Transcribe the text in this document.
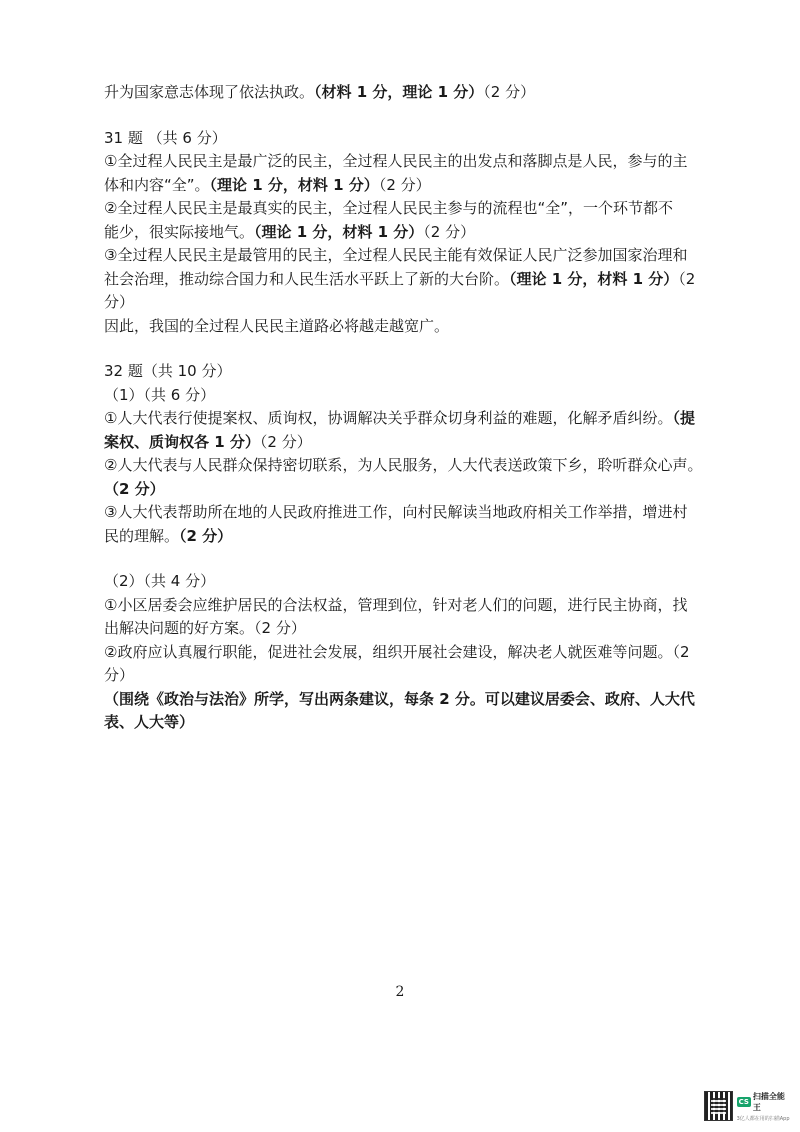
升为国家意志体现了依法执政。（材料 1 分，理论 1 分）（2 分）
31 题 （共 6 分）
①全过程人民民主是最广泛的民主，全过程人民民主的出发点和落脚点是人民，参与的主
体和内容“全”。（理论 1 分，材料 1 分）（2 分）
②全过程人民民主是最真实的民主，全过程人民民主参与的流程也“全”，一个环节都不
能少，很实际接地气。（理论 1 分，材料 1 分）（2 分）
③全过程人民民主是最管用的民主，全过程人民民主能有效保证人民广泛参加国家治理和
社会治理，推动综合国力和人民生活水平跃上了新的大台阶。（理论 1 分，材料 1 分）（2
分）
因此，我国的全过程人民民主道路必将越走越宽广。
32 题（共 10 分）
（1）（共 6 分）
①人大代表行使提案权、质询权，协调解决关乎群众切身利益的难题，化解矛盾纠纷。（提
案权、质询权各 1 分）（2 分）
②人大代表与人民群众保持密切联系，为人民服务，人大代表送政策下乡，聆听群众心声。
（2 分）
③人大代表帮助所在地的人民政府推进工作，向村民解读当地政府相关工作举措，增进村
民的理解。（2 分）
（2）（共 4 分）
①小区居委会应维护居民的合法权益，管理到位，针对老人们的问题，进行民主协商，找
出解决问题的好方案。（2 分）
②政府应认真履行职能，促进社会发展，组织开展社会建设，解决老人就医难等问题。（2
分）
（围绕《政治与法治》所学，写出两条建议，每条 2 分。可以建议居委会、政府、人大代
表、人大等）
2
CS
扫描全能王
3亿人都在用的扫描App
